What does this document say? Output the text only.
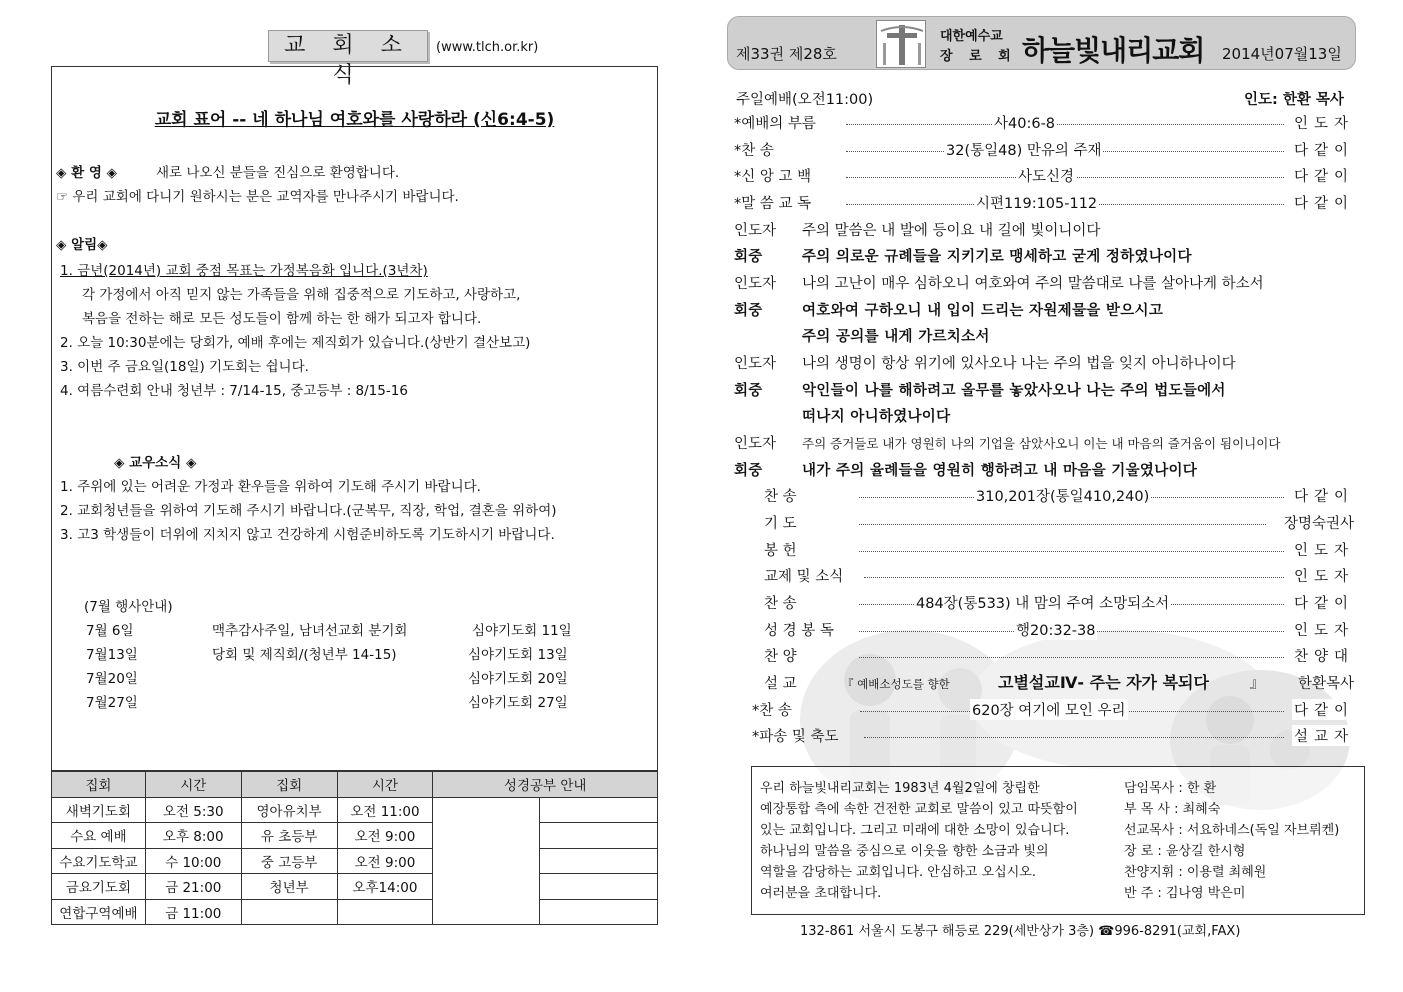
교 회 소 식
(www.tlch.or.kr)
교회 표어 -- 네 하나님 여호와를 사랑하라 (신6:4-5)
◈ 환 영 ◈	새로 나오신 분들을 진심으로 환영합니다.
☞ 우리 교회에 다니기 원하시는 분은 교역자를 만나주시기 바랍니다.
◈ 알림◈
1. 금년(2014년) 교회 중점 목표는 가정복음화 입니다.(3년차)
각 가정에서 아직 믿지 않는 가족들을 위해 집중적으로 기도하고, 사랑하고,
복음을 전하는 해로 모든 성도들이 함께 하는 한 해가 되고자 합니다.
2. 오늘 10:30분에는 당회가, 예배 후에는 제직회가 있습니다.(상반기 결산보고)
3. 이번 주 금요일(18일) 기도회는 쉽니다.
4. 여름수련회 안내 청년부 : 7/14-15, 중고등부 : 8/15-16
◈ 교우소식 ◈
1. 주위에 있는 어려운 가정과 환우들을 위하여 기도해 주시기 바랍니다.
2. 교회청년들을 위하여 기도해 주시기 바랍니다.(군복무, 직장, 학업, 결혼을 위하여)
3. 고3 학생들이 더위에 지치지 않고 건강하게 시험준비하도록 기도하시기 바랍니다.
(7월 행사안내)
7월 6일	맥추감사주일, 남녀선교회 분기회	심야기도회 11일
7월13일	당회 및 제직회/(청년부 14-15)	심야기도회 13일
7월20일	심야기도회 20일
7월27일	심야기도회 27일
집회	시간	집회	시간	성경공부 안내	
새벽기도회	오전 5:30	영아유치부	오전 11:00		
수요 예배	오후 8:00	유 초등부	오전 9:00		
수요기도학교	수 10:00	중 고등부	오전 9:00		
금요기도회	금 21:00	청년부	오후14:00		
연합구역예배	금 11:00				
제33권 제28호
대한예수교
장 로 회 하늘빛내리교회 2014년07월13일
주일예배(오전11:00)	인도: 한환 목사
*예배의 부름	사40:6-8	인도자
*찬 송	32(통일48) 만유의 주재	다같이
*신 앙 고 백	사도신경	다같이
*말 씀 교 독	시편119:105-112	다같이
인도자 주의 말씀은 내 발에 등이요 내 길에 빛이니이다
회중	주의 의로운 규례들을 지키기로 맹세하고 굳게 정하였나이다
인도자 나의 고난이 매우 심하오니 여호와여 주의 말씀대로 나를 살아나게 하소서
회중	여호와여 구하오니 내 입이 드리는 자원제물을 받으시고
주의 공의를 내게 가르치소서
인도자 나의 생명이 항상 위기에 있사오나 나는 주의 법을 잊지 아니하나이다
회중	악인들이 나를 해하려고 올무를 놓았사오나 나는 주의 법도들에서
떠나지 아니하였나이다
인도자 주의 증거들로 내가 영원히 나의 기업을 삼았사오니 이는 내 마음의 즐거움이 됨이니이다
회중	내가 주의 율례들을 영원히 행하려고 내 마음을 기울였나이다
찬 송	310,201장(통일410,240)	다같이
기 도	장명숙권사
봉 헌	인도자
교제 및 소식	인도자
찬 송	484장(통533) 내 맘의 주여 소망되소서	다같이
성 경 봉 독	행20:32-38	인도자
찬 양	찬양대
설 교	『 예배소성도를 향한	고별설교Ⅳ- 주는 자가 복되다	』 한환목사
*찬 송	620장 여기에 모인 우리	다같이
*파송 및 축도	설교자
우리 하늘빛내리교회는 1983년 4월2일에 창립한
예장통합 측에 속한 건전한 교회로 말씀이 있고 따뜻함이
있는 교회입니다. 그리고 미래에 대한 소망이 있습니다.
하나님의 말씀을 중심으로 이웃을 향한 소금과 빛의
역할을 감당하는 교회입니다. 안심하고 오십시오.
여러분을 초대합니다.
담임목사 : 한 환
부 목 사 : 최혜숙
선교목사 : 서요하네스(독일 자브뤼켄)
장 로 : 윤상길 한시형
찬양지휘 : 이용렬 최혜원
반 주 : 김나영 박은미
132-861 서울시 도봉구 해등로 229(세반상가 3층) ☎996-8291(교회,FAX)
